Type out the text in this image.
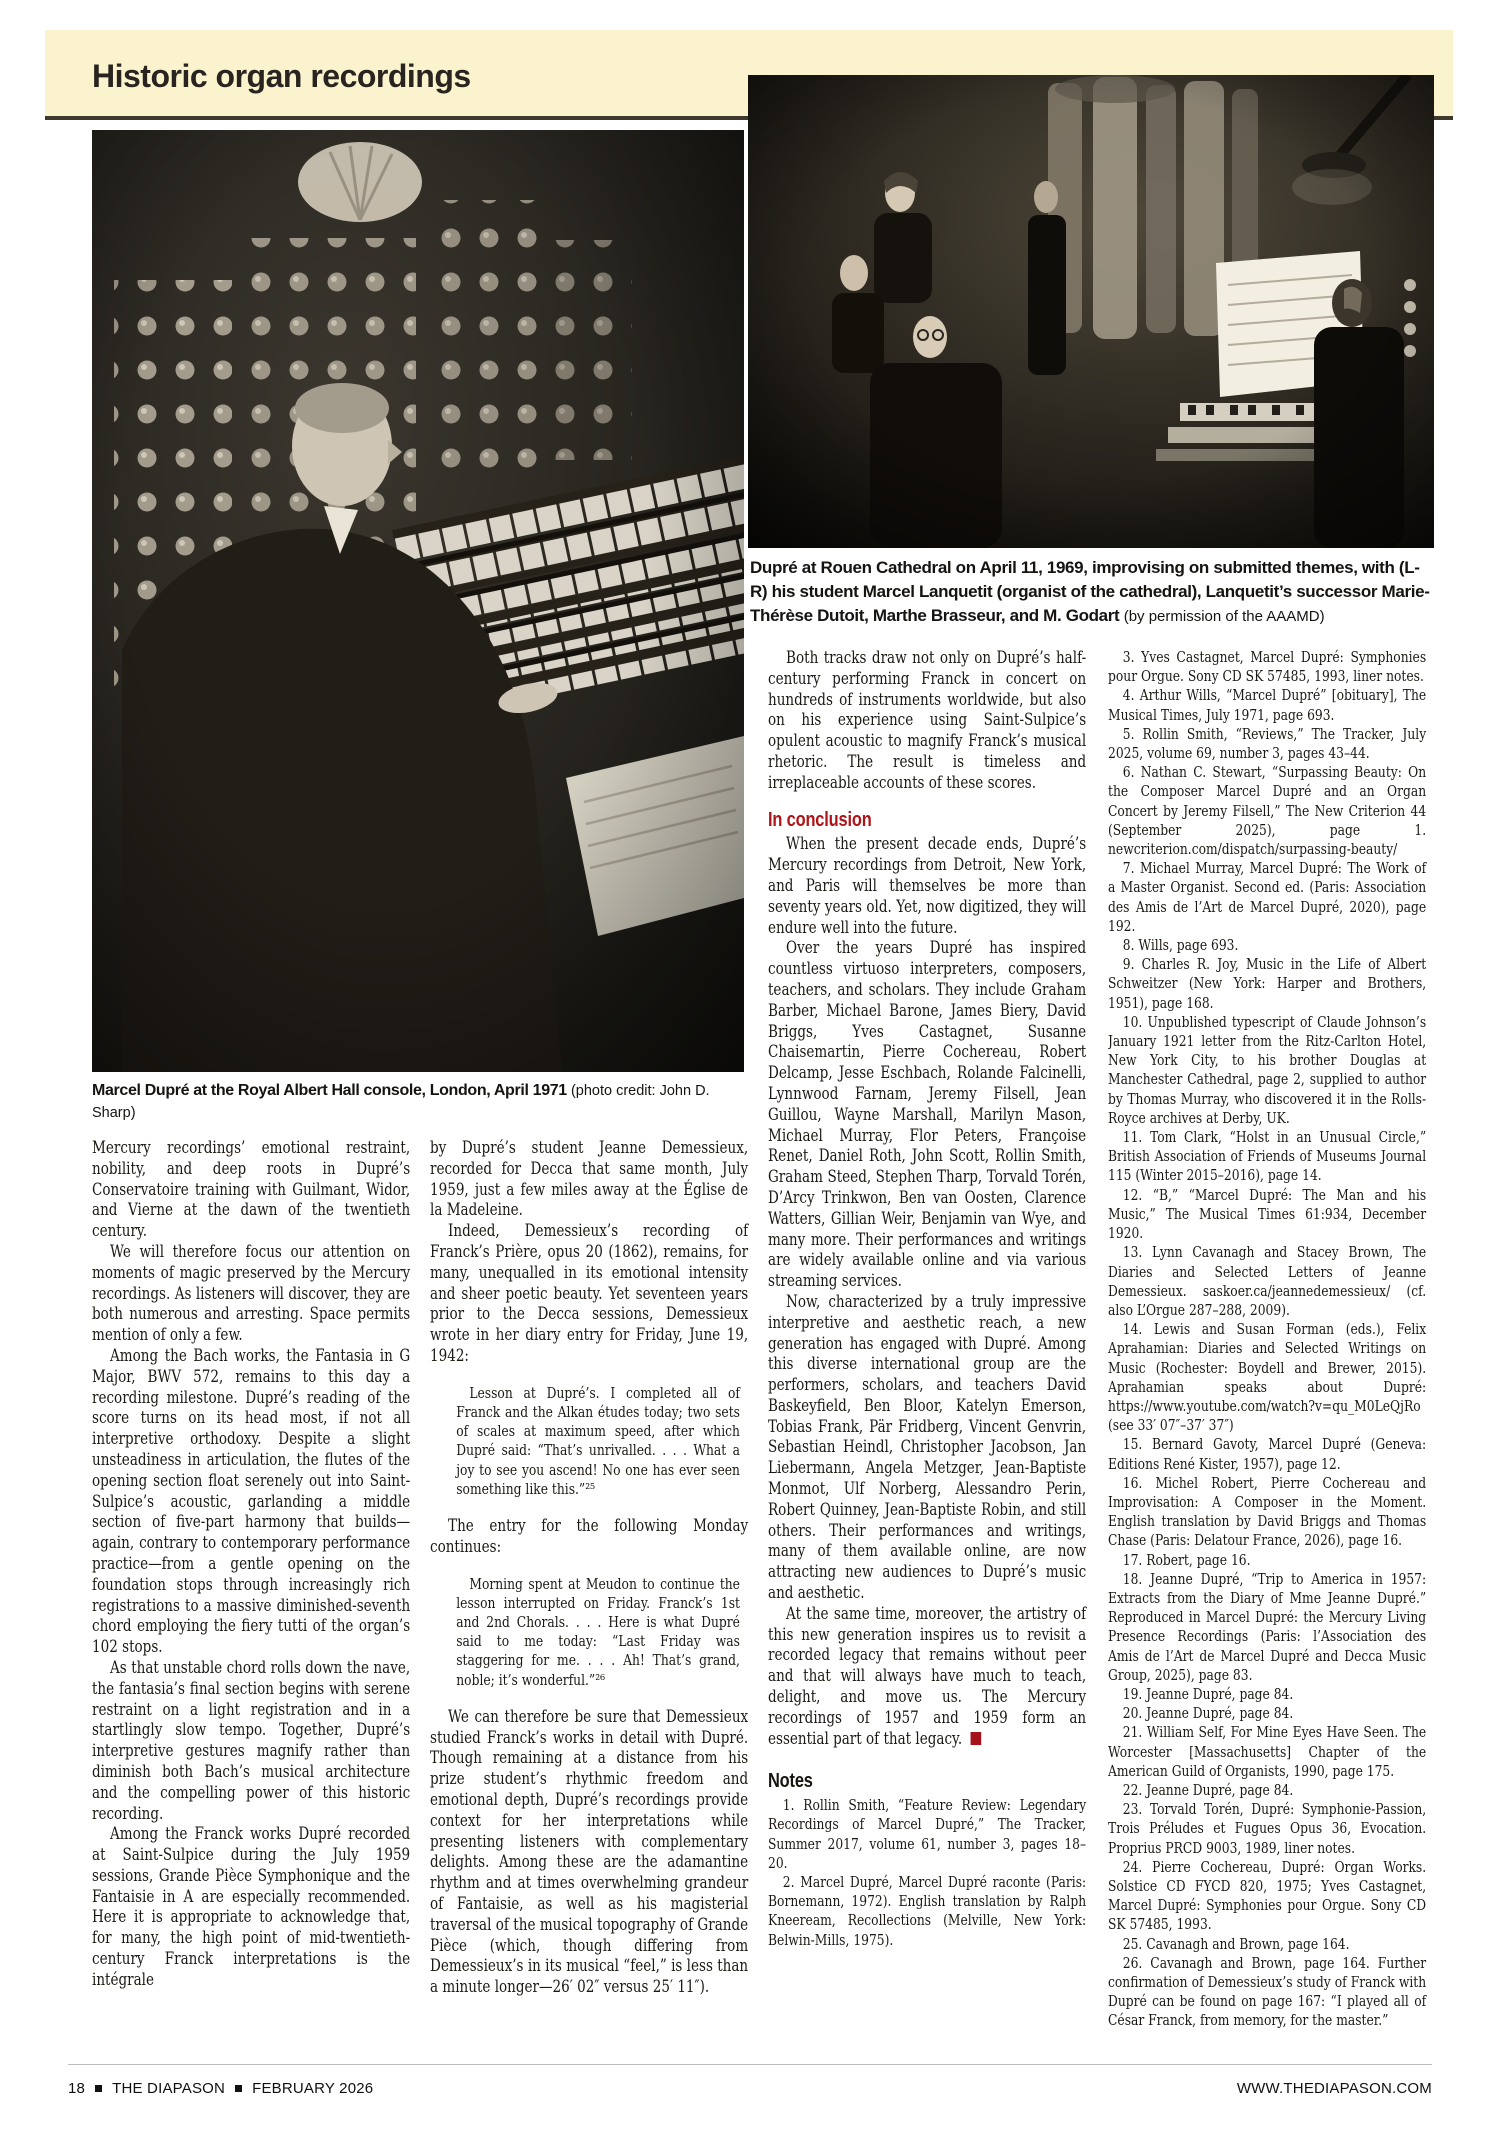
Historic organ recordings
Dupré at Rouen Cathedral on April 11, 1969, improvising on submitted themes, with (L-R) his student Marcel Lanquetit (organist of the cathedral), Lanquetit’s successor Marie-Thérèse Dutoit, Marthe Brasseur, and M. Godart (by permission of the AAAMD)
Marcel Dupré at the Royal Albert Hall console, London, April 1971 (photo credit: John D. Sharp)

Mercury recordings’ emotional restraint, nobility, and deep roots in Dupré’s Conservatoire training with Guilmant, Widor, and Vierne at the dawn of the twentieth century.

We will therefore focus our attention on moments of magic preserved by the Mercury recordings. As listeners will discover, they are both numerous and arresting. Space permits mention of only a few.

Among the Bach works, the Fantasia in G Major, BWV 572, remains to this day a recording milestone. Dupré’s reading of the score turns on its head most, if not all interpretive orthodoxy. Despite a slight unsteadiness in articulation, the flutes of the opening section float serenely out into Saint-Sulpice’s acoustic, garlanding a middle section of five-part harmony that builds—again, contrary to contemporary performance practice—from a gentle opening on the foundation stops through increasingly rich registrations to a massive diminished-seventh chord employing the fiery tutti of the organ’s 102 stops.

As that unstable chord rolls down the nave, the fantasia’s final section begins with serene restraint on a light registration and in a startlingly slow tempo. Together, Dupré’s interpretive gestures magnify rather than diminish both Bach’s musical architecture and the compelling power of this historic recording.

Among the Franck works Dupré recorded at Saint-Sulpice during the July 1959 sessions, Grande Pièce Symphonique and the Fantaisie in A are especially recommended. Here it is appropriate to acknowledge that, for many, the high point of mid-twentieth-century Franck interpretations is the intégrale

by Dupré’s student Jeanne Demessieux, recorded for Decca that same month, July 1959, just a few miles away at the Église de la Madeleine.

Indeed, Demessieux’s recording of Franck’s Prière, opus 20 (1862), remains, for many, unequalled in its emotional intensity and sheer poetic beauty. Yet seventeen years prior to the Decca sessions, Demessieux wrote in her diary entry for Friday, June 19, 1942:

Lesson at Dupré’s. I completed all of Franck and the Alkan études today; two sets of scales at maximum speed, after which Dupré said: “That’s unrivalled. . . . What a joy to see you ascend! No one has ever seen something like this.”²⁵

The entry for the following Monday continues:

Morning spent at Meudon to continue the lesson interrupted on Friday. Franck’s 1st and 2nd Chorals. . . . Here is what Dupré said to me today: “Last Friday was staggering for me. . . . Ah! That’s grand, noble; it’s wonderful.”²⁶

We can therefore be sure that Demessieux studied Franck’s works in detail with Dupré. Though remaining at a distance from his prize student’s rhythmic freedom and emotional depth, Dupré’s recordings provide context for her interpretations while presenting listeners with complementary delights. Among these are the adamantine rhythm and at times overwhelming grandeur of Fantaisie, as well as his magisterial traversal of the musical topography of Grande Pièce (which, though differing from Demessieux’s in its musical “feel,” is less than a minute longer—26′ 02″ versus 25′ 11″).

Both tracks draw not only on Dupré’s half-century performing Franck in concert on hundreds of instruments worldwide, but also on his experience using Saint-Sulpice’s opulent acoustic to magnify Franck’s musical rhetoric. The result is timeless and irreplaceable accounts of these scores.

In conclusion

When the present decade ends, Dupré’s Mercury recordings from Detroit, New York, and Paris will themselves be more than seventy years old. Yet, now digitized, they will endure well into the future.

Over the years Dupré has inspired countless virtuoso interpreters, composers, teachers, and scholars. They include Graham Barber, Michael Barone, James Biery, David Briggs, Yves Castagnet, Susanne Chaisemartin, Pierre Cochereau, Robert Delcamp, Jesse Eschbach, Rolande Falcinelli, Lynnwood Farnam, Jeremy Filsell, Jean Guillou, Wayne Marshall, Marilyn Mason, Michael Murray, Flor Peters, Françoise Renet, Daniel Roth, John Scott, Rollin Smith, Graham Steed, Stephen Tharp, Torvald Torén, D’Arcy Trinkwon, Ben van Oosten, Clarence Watters, Gillian Weir, Benjamin van Wye, and many more. Their performances and writings are widely available online and via various streaming services.

Now, characterized by a truly impressive interpretive and aesthetic reach, a new generation has engaged with Dupré. Among this diverse international group are the performers, scholars, and teachers David Baskeyfield, Ben Bloor, Katelyn Emerson, Tobias Frank, Pär Fridberg, Vincent Genvrin, Sebastian Heindl, Christopher Jacobson, Jan Liebermann, Angela Metzger, Jean-Baptiste Monmot, Ulf Norberg, Alessandro Perin, Robert Quinney, Jean-Baptiste Robin, and still others. Their performances and writings, many of them available online, are now attracting new audiences to Dupré’s music and aesthetic.

At the same time, moreover, the artistry of this new generation inspires us to revisit a recorded legacy that remains without peer and that will always have much to teach, delight, and move us. The Mercury recordings of 1957 and 1959 form an essential part of that legacy.

Notes

1. Rollin Smith, “Feature Review: Legendary Recordings of Marcel Dupré,” The Tracker, Summer 2017, volume 61, number 3, pages 18–20.

2. Marcel Dupré, Marcel Dupré raconte (Paris: Bornemann, 1972). English translation by Ralph Kneeream, Recollections (Melville, New York: Belwin-Mills, 1975).

3. Yves Castagnet, Marcel Dupré: Symphonies pour Orgue. Sony CD SK 57485, 1993, liner notes.

4. Arthur Wills, “Marcel Dupré” [obituary], The Musical Times, July 1971, page 693.

5. Rollin Smith, “Reviews,” The Tracker, July 2025, volume 69, number 3, pages 43–44.

6. Nathan C. Stewart, “Surpassing Beauty: On the Composer Marcel Dupré and an Organ Concert by Jeremy Filsell,” The New Criterion 44 (September 2025), page 1. newcriterion.com/dispatch/surpassing-beauty/

7. Michael Murray, Marcel Dupré: The Work of a Master Organist. Second ed. (Paris: Association des Amis de l’Art de Marcel Dupré, 2020), page 192.

8. Wills, page 693.

9. Charles R. Joy, Music in the Life of Albert Schweitzer (New York: Harper and Brothers, 1951), page 168.

10. Unpublished typescript of Claude Johnson’s January 1921 letter from the Ritz-Carlton Hotel, New York City, to his brother Douglas at Manchester Cathedral, page 2, supplied to author by Thomas Murray, who discovered it in the Rolls-Royce archives at Derby, UK.

11. Tom Clark, “Holst in an Unusual Circle,” British Association of Friends of Museums Journal 115 (Winter 2015–2016), page 14.

12. “B,” “Marcel Dupré: The Man and his Music,” The Musical Times 61:934, December 1920.

13. Lynn Cavanagh and Stacey Brown, The Diaries and Selected Letters of Jeanne Demessieux. saskoer.ca/jeannedemessieux/ (cf. also L’Orgue 287–288, 2009).

14. Lewis and Susan Forman (eds.), Felix Aprahamian: Diaries and Selected Writings on Music (Rochester: Boydell and Brewer, 2015). Aprahamian speaks about Dupré: https://www.youtube.com/watch?v=qu_M0LeQjRo (see 33′ 07″–37′ 37″)

15. Bernard Gavoty, Marcel Dupré (Geneva: Editions René Kister, 1957), page 12.

16. Michel Robert, Pierre Cochereau and Improvisation: A Composer in the Moment. English translation by David Briggs and Thomas Chase (Paris: Delatour France, 2026), page 16.

17. Robert, page 16.

18. Jeanne Dupré, “Trip to America in 1957: Extracts from the Diary of Mme Jeanne Dupré.” Reproduced in Marcel Dupré: the Mercury Living Presence Recordings (Paris: l’Association des Amis de l’Art de Marcel Dupré and Decca Music Group, 2025), page 83.

19. Jeanne Dupré, page 84.

20. Jeanne Dupré, page 84.

21. William Self, For Mine Eyes Have Seen. The Worcester [Massachusetts] Chapter of the American Guild of Organists, 1990, page 175.

22. Jeanne Dupré, page 84.

23. Torvald Torén, Dupré: Symphonie-Passion, Trois Préludes et Fugues Opus 36, Evocation. Proprius PRCD 9003, 1989, liner notes.

24. Pierre Cochereau, Dupré: Organ Works. Solstice CD FYCD 820, 1975; Yves Castagnet, Marcel Dupré: Symphonies pour Orgue. Sony CD SK 57485, 1993.

25. Cavanagh and Brown, page 164.

26. Cavanagh and Brown, page 164. Further confirmation of Demessieux’s study of Franck with Dupré can be found on page 167: “I played all of César Franck, from memory, for the master.”

18 THE DIAPASON FEBRUARY 2026	WWW.THEDIAPASON.COM
